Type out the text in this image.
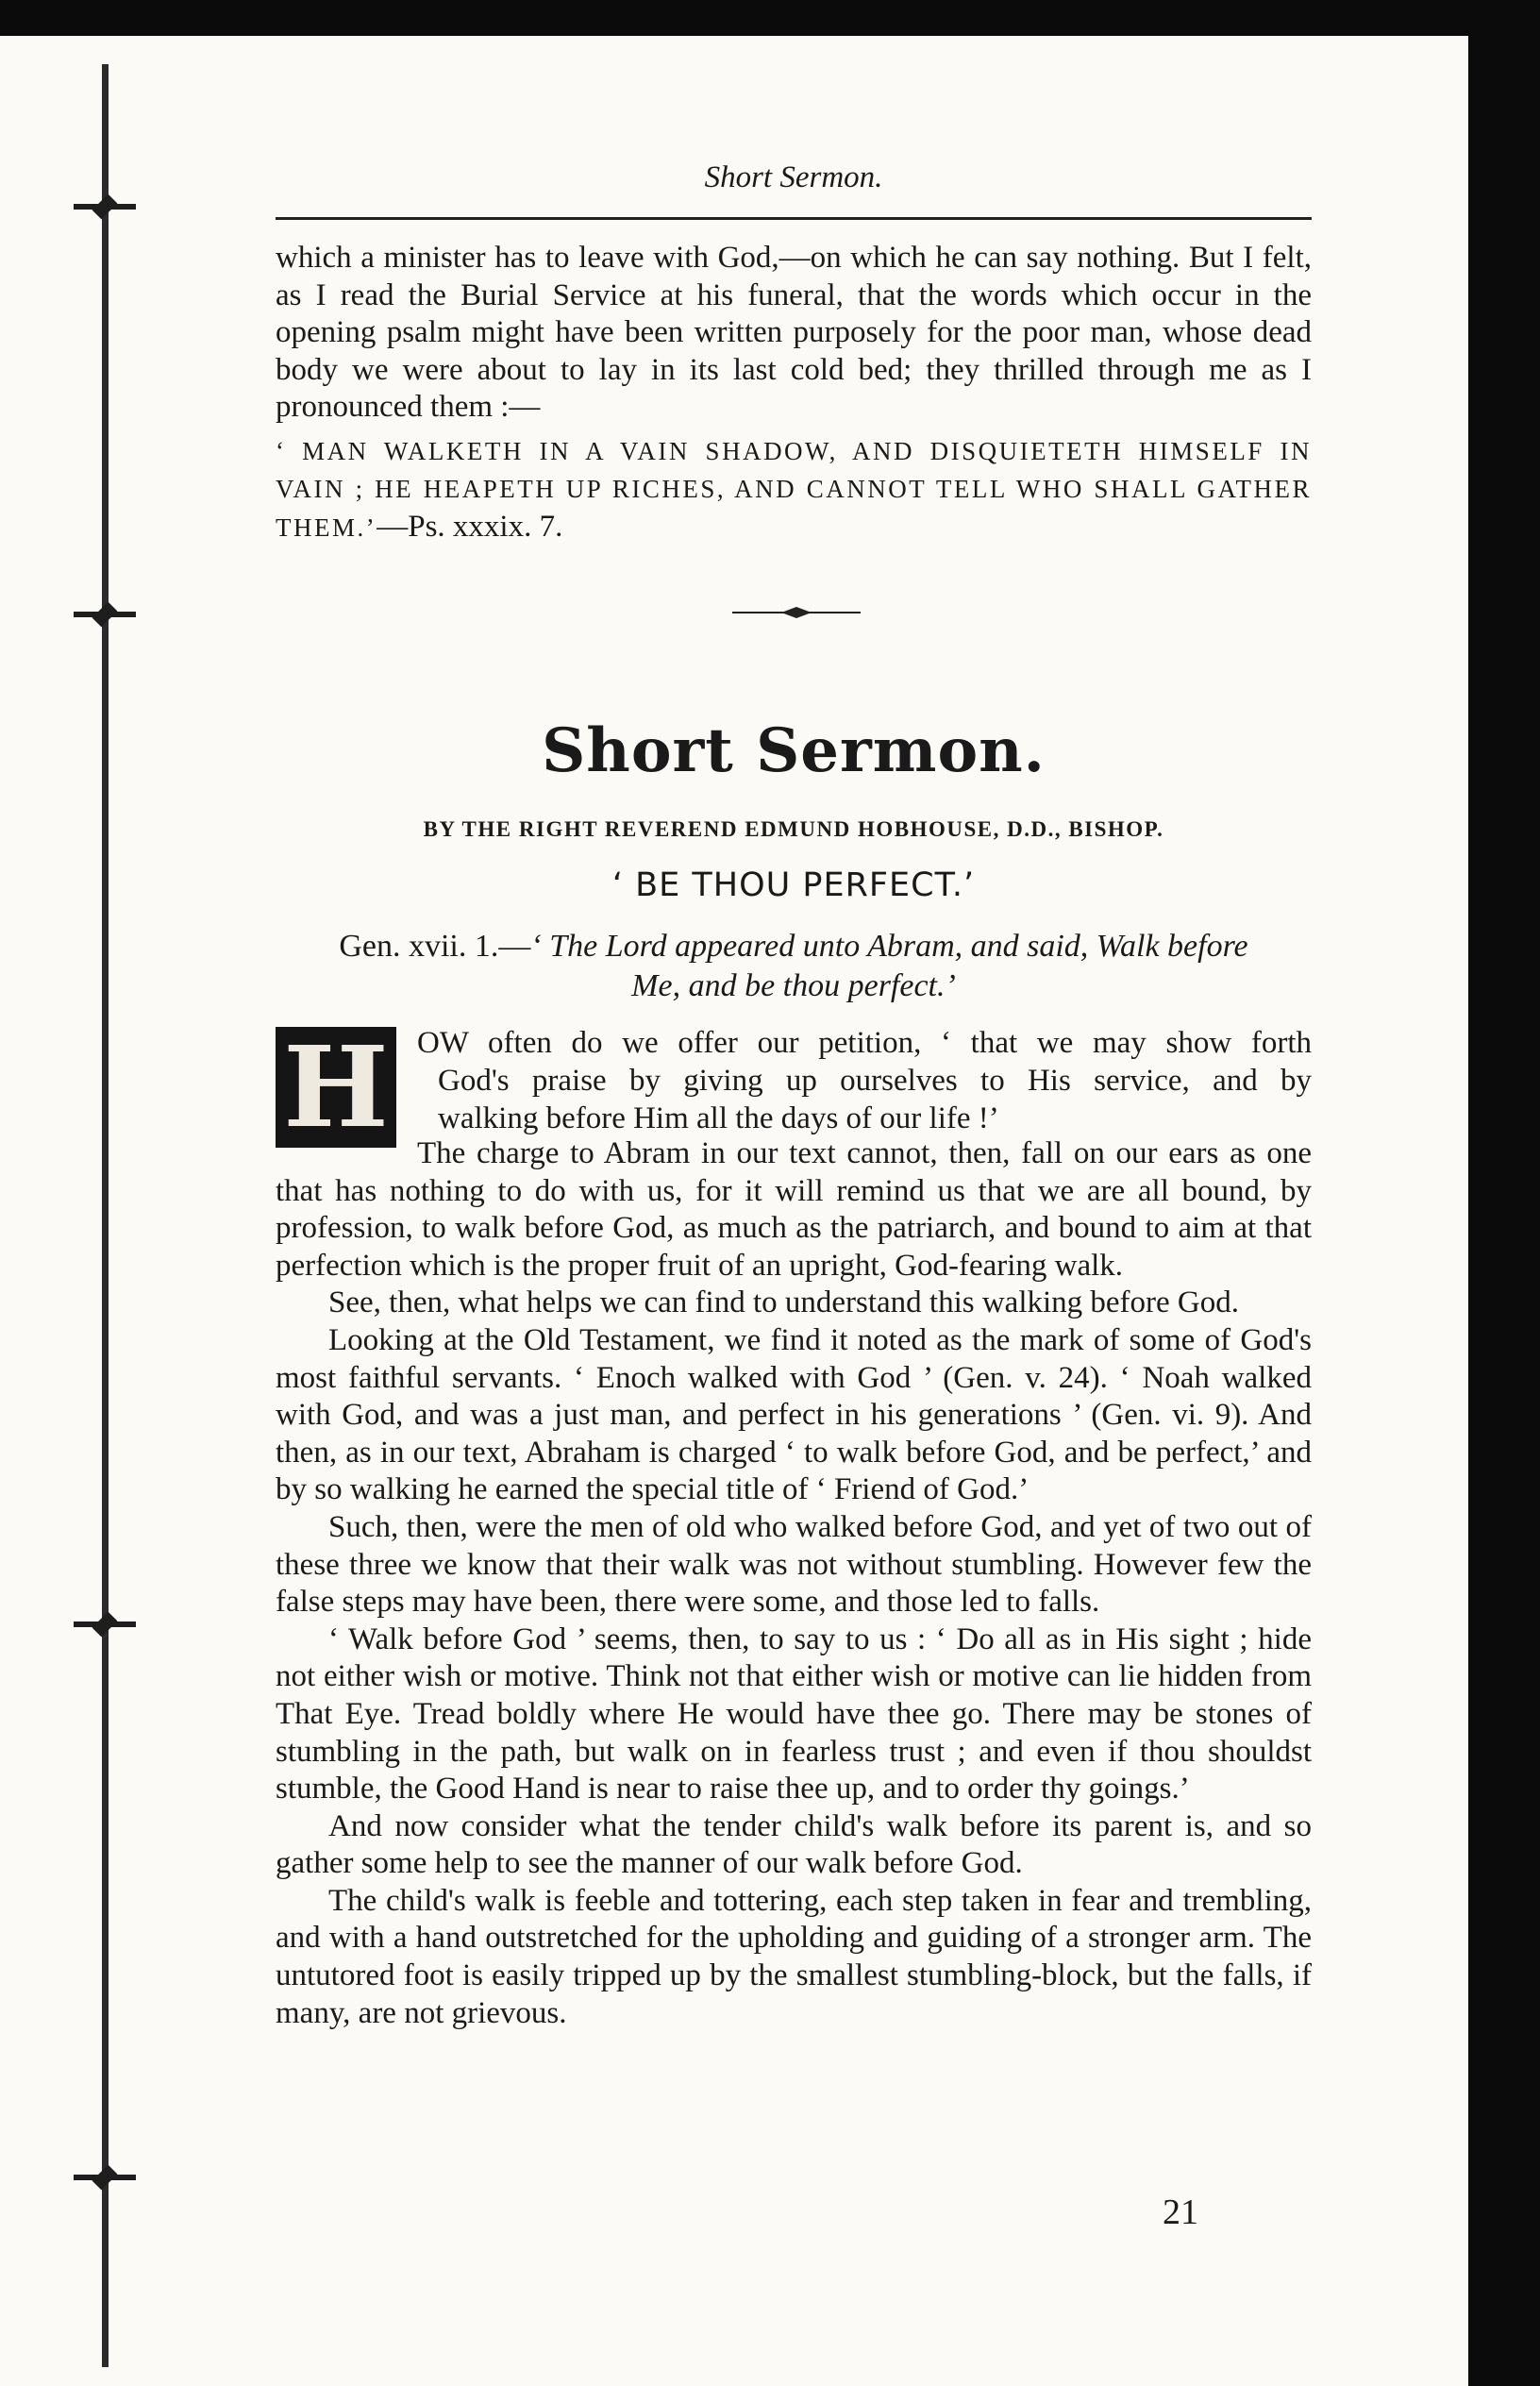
Short Sermon.

which a minister has to leave with God,—on which he can say nothing. But I felt, as I read the Burial Service at his funeral, that the words which occur in the opening psalm might have been written purposely for the poor man, whose dead body we were about to lay in its last cold bed; they thrilled through me as I pronounced them :—

‘ MAN WALKETH IN A VAIN SHADOW, AND DISQUIETETH HIMSELF IN VAIN ; HE HEAPETH UP RICHES, AND CANNOT TELL WHO SHALL GATHER THEM.’—Ps. xxxix. 7.

Short Sermon.
BY THE RIGHT REVEREND EDMUND HOBHOUSE, D.D., BISHOP.
‘ BE THOU PERFECT.’
Gen. xvii. 1.—‘ The Lord appeared unto Abram, and said, Walk before
Me, and be thou perfect.’
H OW often do we offer our petition, ‘ that we may show forth
God's praise by giving up ourselves to His service, and by
walking before Him all the days of our life !’

The charge to Abram in our text cannot, then, fall on our ears as one that has nothing to do with us, for it will remind us that we are all bound, by profession, to walk before God, as much as the patriarch, and bound to aim at that perfection which is the proper fruit of an upright, God-fearing walk.

See, then, what helps we can find to understand this walking before God.

Looking at the Old Testament, we find it noted as the mark of some of God's most faithful servants. ‘ Enoch walked with God ’ (Gen. v. 24). ‘ Noah walked with God, and was a just man, and perfect in his generations ’ (Gen. vi. 9). And then, as in our text, Abraham is charged ‘ to walk before God, and be perfect,’ and by so walking he earned the special title of ‘ Friend of God.’

Such, then, were the men of old who walked before God, and yet of two out of these three we know that their walk was not without stumbling. However few the false steps may have been, there were some, and those led to falls.

‘ Walk before God ’ seems, then, to say to us : ‘ Do all as in His sight ; hide not either wish or motive. Think not that either wish or motive can lie hidden from That Eye. Tread boldly where He would have thee go. There may be stones of stumbling in the path, but walk on in fearless trust ; and even if thou shouldst stumble, the Good Hand is near to raise thee up, and to order thy goings.’

And now consider what the tender child's walk before its parent is, and so gather some help to see the manner of our walk before God.

The child's walk is feeble and tottering, each step taken in fear and trembling, and with a hand outstretched for the upholding and guiding of a stronger arm. The untutored foot is easily tripped up by the smallest stumbling-block, but the falls, if many, are not grievous.

21
